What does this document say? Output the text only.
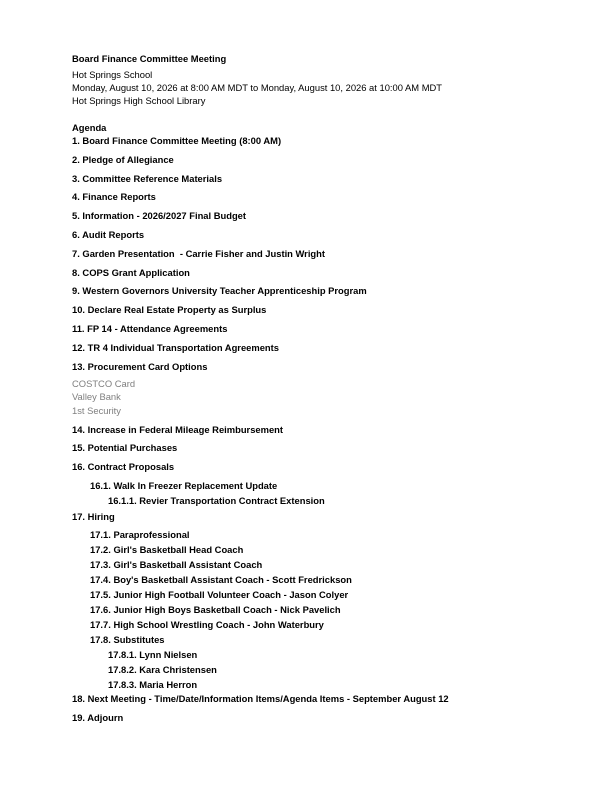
Board Finance Committee Meeting
Hot Springs School
Monday, August 10, 2026 at 8:00 AM MDT to Monday, August 10, 2026 at 10:00 AM MDT
Hot Springs High School Library
Agenda
1. Board Finance Committee Meeting (8:00 AM)
2. Pledge of Allegiance
3. Committee Reference Materials
4. Finance Reports
5. Information - 2026/2027 Final Budget
6. Audit Reports
7. Garden Presentation  - Carrie Fisher and Justin Wright
8. COPS Grant Application
9. Western Governors University Teacher Apprenticeship Program
10. Declare Real Estate Property as Surplus
11. FP 14 - Attendance Agreements
12. TR 4 Individual Transportation Agreements
13. Procurement Card Options
COSTCO Card
Valley Bank
1st Security
14. Increase in Federal Mileage Reimbursement
15. Potential Purchases
16. Contract Proposals
16.1. Walk In Freezer Replacement Update
16.1.1. Revier Transportation Contract Extension
17. Hiring
17.1. Paraprofessional
17.2. Girl's Basketball Head Coach
17.3. Girl's Basketball Assistant Coach
17.4. Boy's Basketball Assistant Coach - Scott Fredrickson
17.5. Junior High Football Volunteer Coach - Jason Colyer
17.6. Junior High Boys Basketball Coach - Nick Pavelich
17.7. High School Wrestling Coach - John Waterbury
17.8. Substitutes
17.8.1. Lynn Nielsen
17.8.2. Kara Christensen
17.8.3. Maria Herron
18. Next Meeting - Time/Date/Information Items/Agenda Items - September August 12
19. Adjourn
